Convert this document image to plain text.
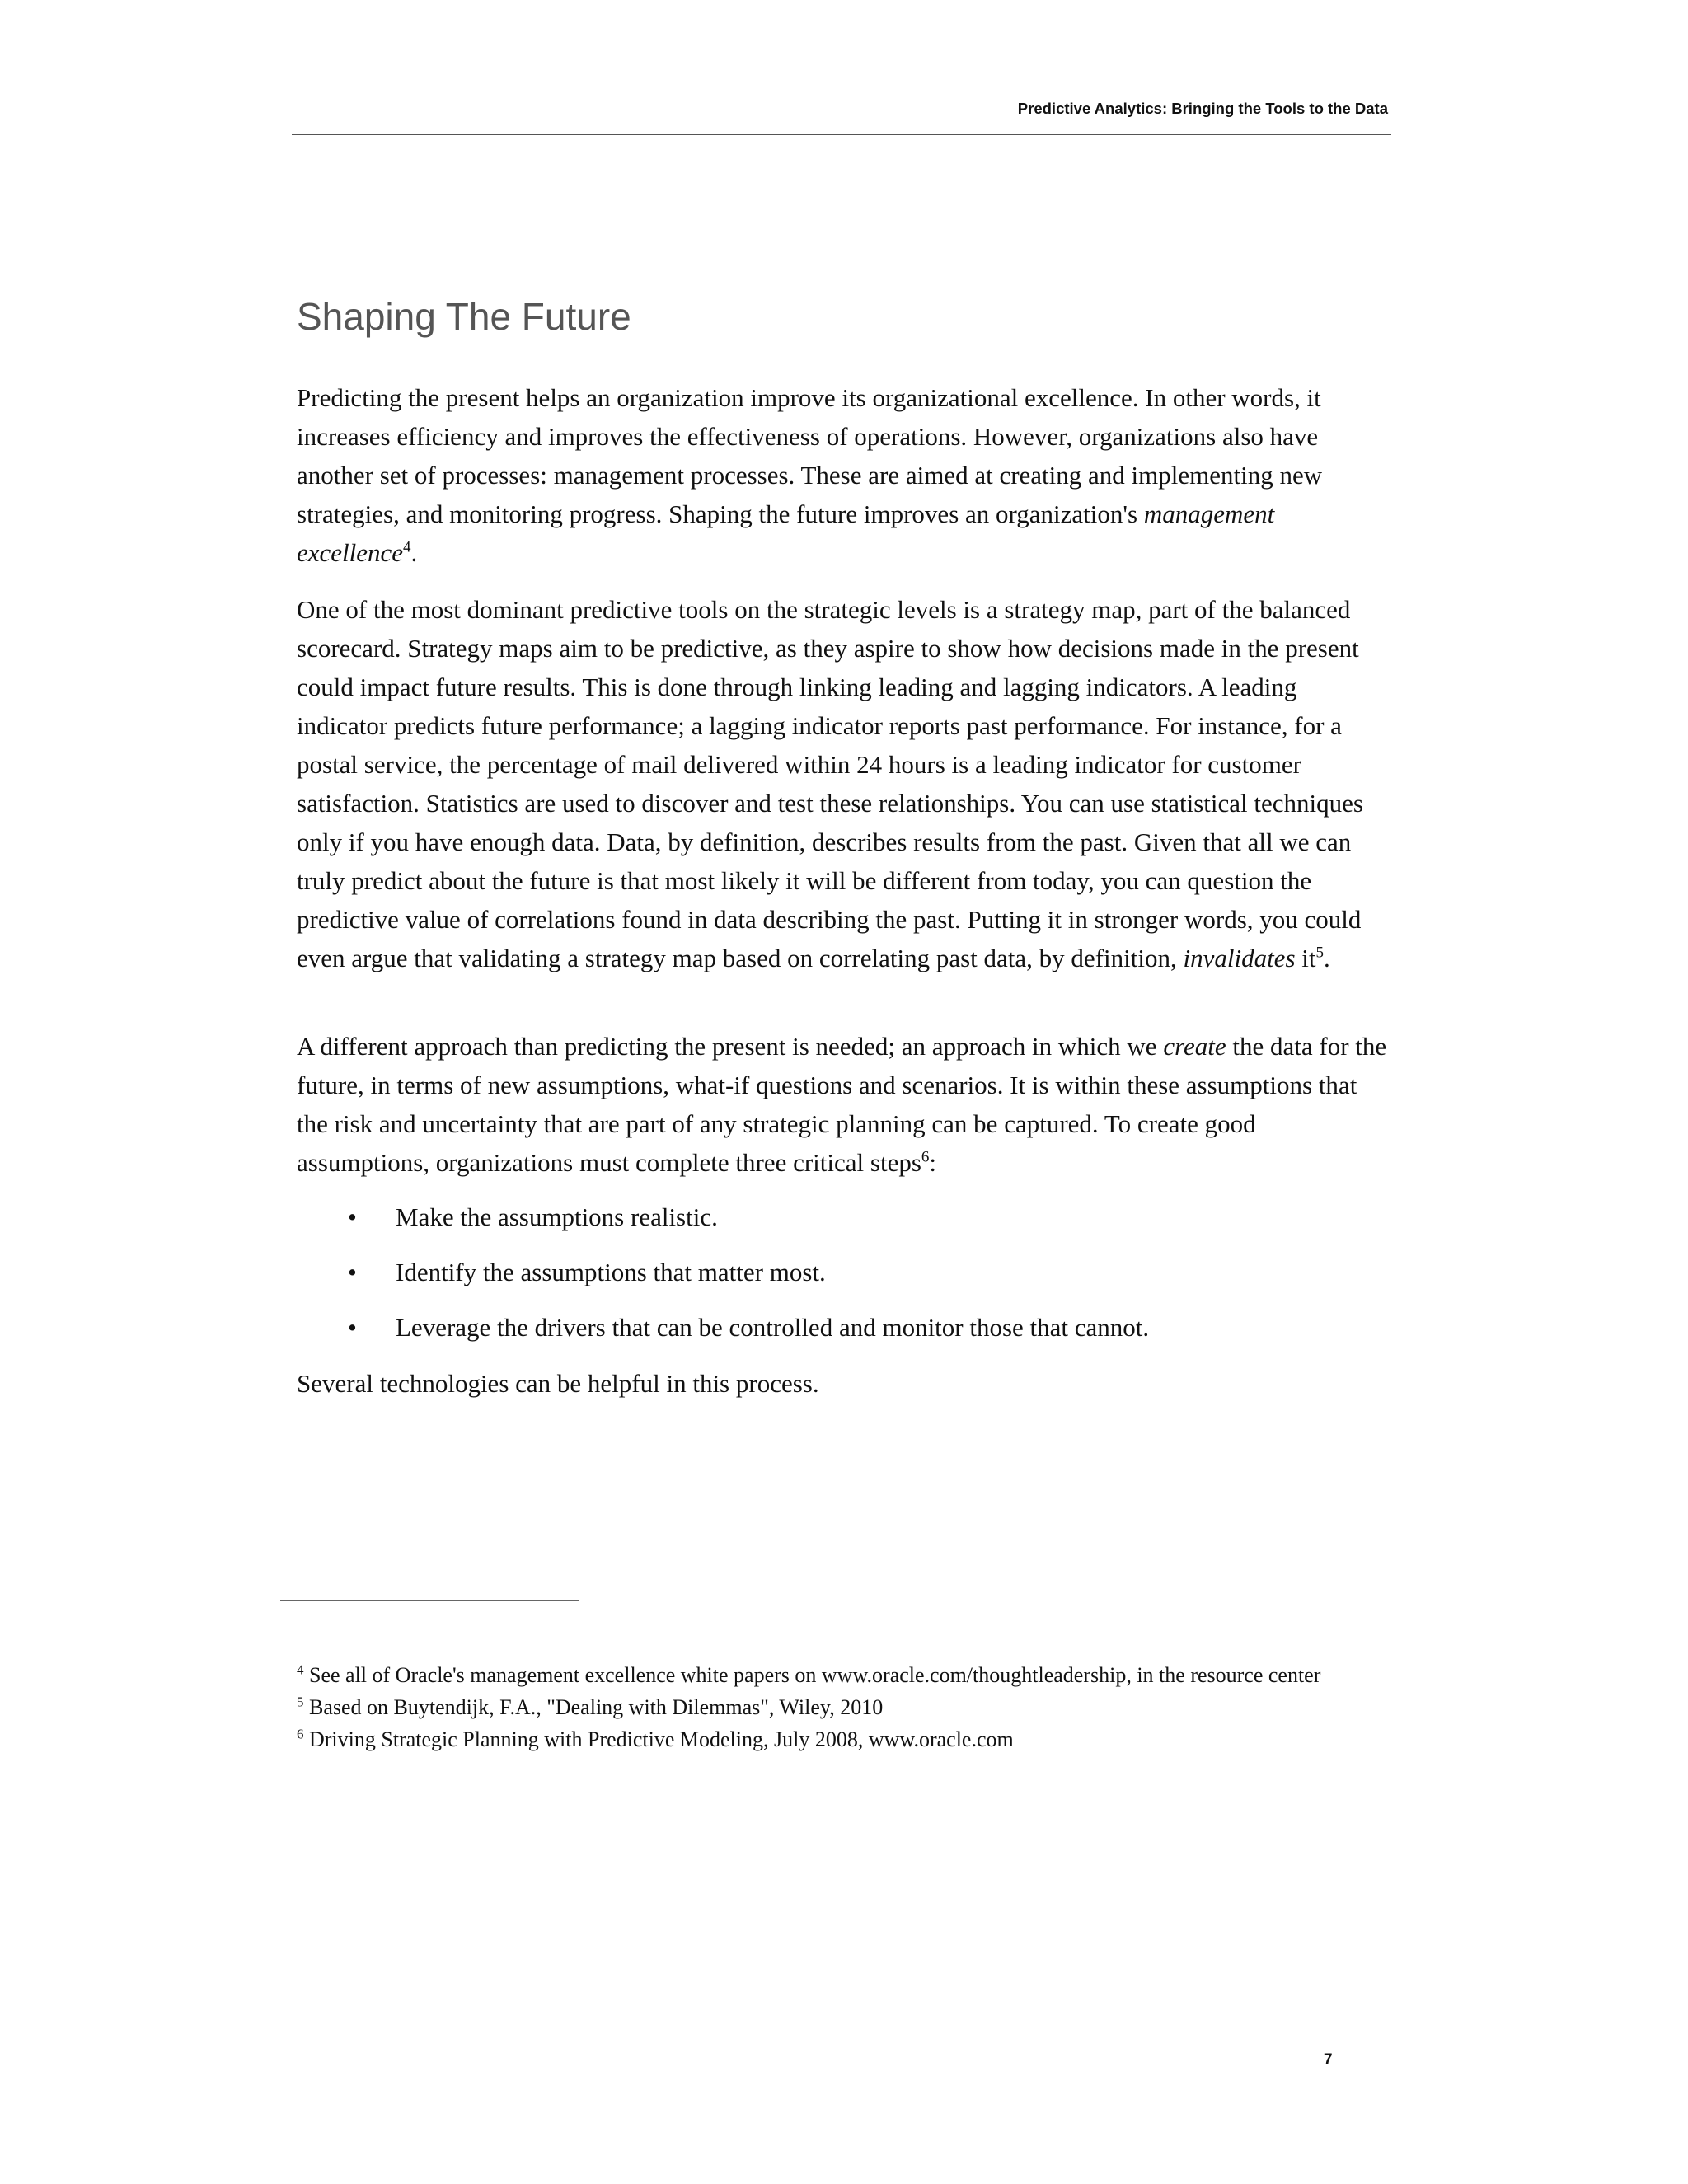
Predictive Analytics: Bringing the Tools to the Data
Shaping The Future

Predicting the present helps an organization improve its organizational excellence. In other words, it increases efficiency and improves the effectiveness of operations. However, organizations also have another set of processes: management processes. These are aimed at creating and implementing new strategies, and monitoring progress. Shaping the future improves an organization's management excellence$^4$.

One of the most dominant predictive tools on the strategic levels is a strategy map, part of the balanced scorecard. Strategy maps aim to be predictive, as they aspire to show how decisions made in the present could impact future results. This is done through linking leading and lagging indicators. A leading indicator predicts future performance; a lagging indicator reports past performance. For instance, for a postal service, the percentage of mail delivered within 24 hours is a leading indicator for customer satisfaction. Statistics are used to discover and test these relationships. You can use statistical techniques only if you have enough data. Data, by definition, describes results from the past. Given that all we can truly predict about the future is that most likely it will be different from today, you can question the predictive value of correlations found in data describing the past. Putting it in stronger words, you could even argue that validating a strategy map based on correlating past data, by definition, invalidates $it^5$.

A different approach than predicting the present is needed; an approach in which we create the data for the future, in terms of new assumptions, what-if questions and scenarios. It is within these assumptions that the risk and uncertainty that are part of any strategic planning can be captured. To create good assumptions, organizations must complete three critical steps$^6$:

• Make the assumptions realistic.
• Identify the assumptions that matter most.
• Leverage the drivers that can be controlled and monitor those that cannot.

Several technologies can be helpful in this process.

$^4$ See all of Oracle's management excellence white papers on www.oracle.com/thoughtleadership, in the resource center

$^5$ Based on Buytendijk, F.A., "Dealing with Dilemmas", Wiley, 2010

$^6$ Driving Strategic Planning with Predictive Modeling, July 2008, www.oracle.com

7
